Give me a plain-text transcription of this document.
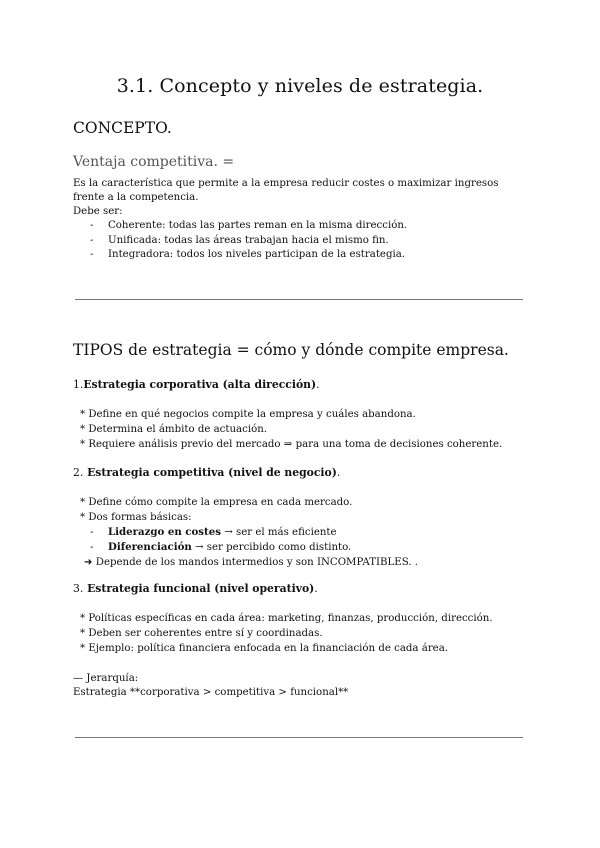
3.1. Concepto y niveles de estrategia.
CONCEPTO.
Ventaja competitiva. =
Es la característica que permite a la empresa reducir costes o maximizar ingresos frente a la competencia.
Debe ser:
-	Coherente: todas las partes reman en la misma dirección.
-	Unificada: todas las áreas trabajan hacia el mismo fin.
-	Integradora: todos los niveles participan de la estrategia.
TIPOS de estrategia = cómo y dónde compite empresa.
1.Estrategia corporativa (alta dirección).
* Define en qué negocios compite la empresa y cuáles abandona.
* Determina el ámbito de actuación.
* Requiere análisis previo del mercado ⇒ para una toma de decisiones coherente.
2. Estrategia competitiva (nivel de negocio).
* Define cómo compite la empresa en cada mercado.
* Dos formas básicas:
-	Liderazgo en costes → ser el más eficiente
-	Diferenciación → ser percibido como distinto.
➜ Depende de los mandos intermedios y son INCOMPATIBLES. .
3. Estrategia funcional (nivel operativo).
* Políticas específicas en cada área: marketing, finanzas, producción, dirección.
* Deben ser coherentes entre sí y coordinadas.
* Ejemplo: política financiera enfocada en la financiación de cada área.
— Jerarquía:
Estrategia **corporativa > competitiva > funcional**
